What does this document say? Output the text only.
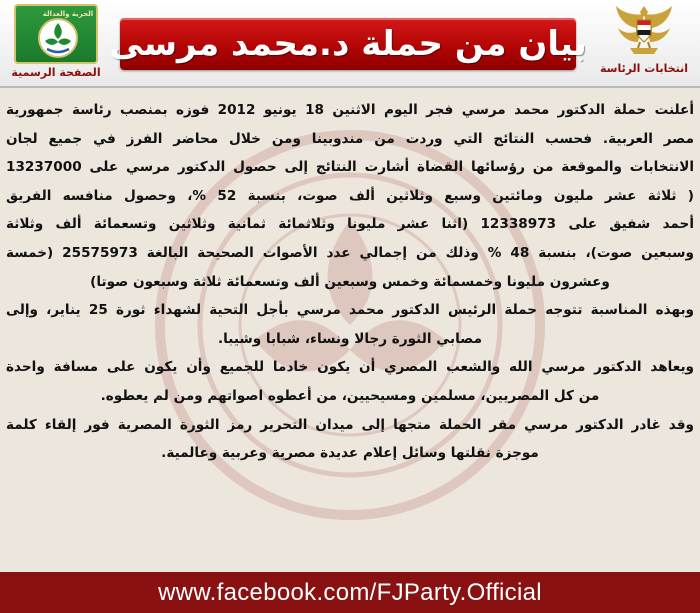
الحرية والعدالة
الصفحة الرسمية
بيان من حملة د.محمد مرسى
انتخابات الرئاسة
أعلنت حملة الدكتور محمد مرسي فجر اليوم الاثنين 18 يونيو 2012 فوزه بمنصب رئاسة جمهورية
مصر العربية. فحسب النتائج التي وردت من مندوبينا ومن خلال محاضر الفرز في جميع لجان
الانتخابات والموقعة من رؤسائها القضاة أشارت النتائج إلى حصول الدكتور مرسي على 13237000
( ثلاثة عشر مليون ومائتين وسبع وثلاثين ألف صوت، بنسبة 52 %، وحصول منافسه الفريق
أحمد شفيق على 12338973 (اثنا عشر مليونا وثلاثمائة ثمانية وثلاثين وتسعمائة ألف وثلاثة
وسبعين صوت)، بنسبة 48 % وذلك من إجمالي عدد الأصوات الصحيحة البالغة 25575973 (خمسة
وعشرون مليونا وخمسمائة وخمس وسبعين ألف وتسعمائة ثلاثة وسبعون صوتا)
وبهذه المناسبة تتوجه حملة الرئيس الدكتور محمد مرسي بأجل التحية لشهداء ثورة 25 يناير، وإلى
مصابي الثورة رجالا ونساء، شبابا وشيبا.
ويعاهد الدكتور مرسي الله والشعب المصري أن يكون خادما للجميع وأن يكون على مسافة واحدة
من كل المصريين، مسلمين ومسيحيين، من أعطوه اصواتهم ومن لم يعطوه.
وقد غادر الدكتور مرسي مقر الحملة متجها إلى ميدان التحرير رمز الثورة المصرية فور إلقاء كلمة
موجزة نقلتها وسائل إعلام عديدة مصرية وعربية وعالمية.
www.facebook.com/FJParty.Official
